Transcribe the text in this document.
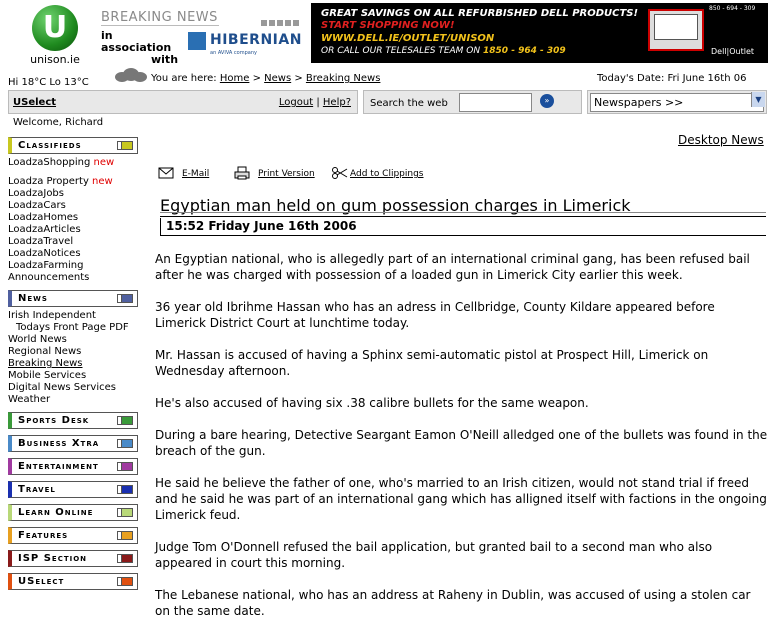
U
unison.ie
BREAKING NEWS
in association
with
HIBERNIAN
an AVIVA company
GREAT SAVINGS ON ALL REFURBISHED DELL PRODUCTS!
START SHOPPING NOW!
WWW.DELL.IE/OUTLET/UNISON
OR CALL OUR TELESALES TEAM ON 1850 - 964 - 309
850 - 694 - 309
Dell|Outlet
Hi 18°C Lo 13°C	You are here: Home > News > Breaking News	Today's Date: Fri June 16th 06
USelect	Logout | Help? Search the web	»	Newspapers >>	▼
Welcome, Richard
Classifieds
LoadzaShopping new
Loadza Property new
LoadzaJobs
LoadzaCars
LoadzaHomes
LoadzaArticles
LoadzaTravel
LoadzaNotices
LoadzaFarming
Announcements
News
Irish Independent
Todays Front Page PDF
World News
Regional News
Breaking News
Mobile Services
Digital News Services
Weather
Sports Desk
Business Xtra
Entertainment
Travel
Learn Online
Features
ISP Section
USelect
Desktop News
E-Mail	Print Version	Add to Clippings
Egyptian man held on gum possession charges in Limerick
15:52 Friday June 16th 2006

An Egyptian national, who is allegedly part of an international criminal gang, has been refused bail after he was charged with possession of a loaded gun in Limerick City earlier this week.

36 year old Ibrihme Hassan who has an adress in Cellbridge, County Kildare appeared before Limerick District Court at lunchtime today.

Mr. Hassan is accused of having a Sphinx semi-automatic pistol at Prospect Hill, Limerick on Wednesday afternoon.

He's also accused of having six .38 calibre bullets for the same weapon.

During a bare hearing, Detective Seargant Eamon O'Neill alledged one of the bullets was found in the breach of the gun.

He said he believe the father of one, who's married to an Irish citizen, would not stand trial if freed and he said he was part of an international gang which has alligned itself with factions in the ongoing Limerick feud.

Judge Tom O'Donnell refused the bail application, but granted bail to a second man who also appeared in court this morning.

The Lebanese national, who has an address at Raheny in Dublin, was accused of using a stolen car on the same date.
